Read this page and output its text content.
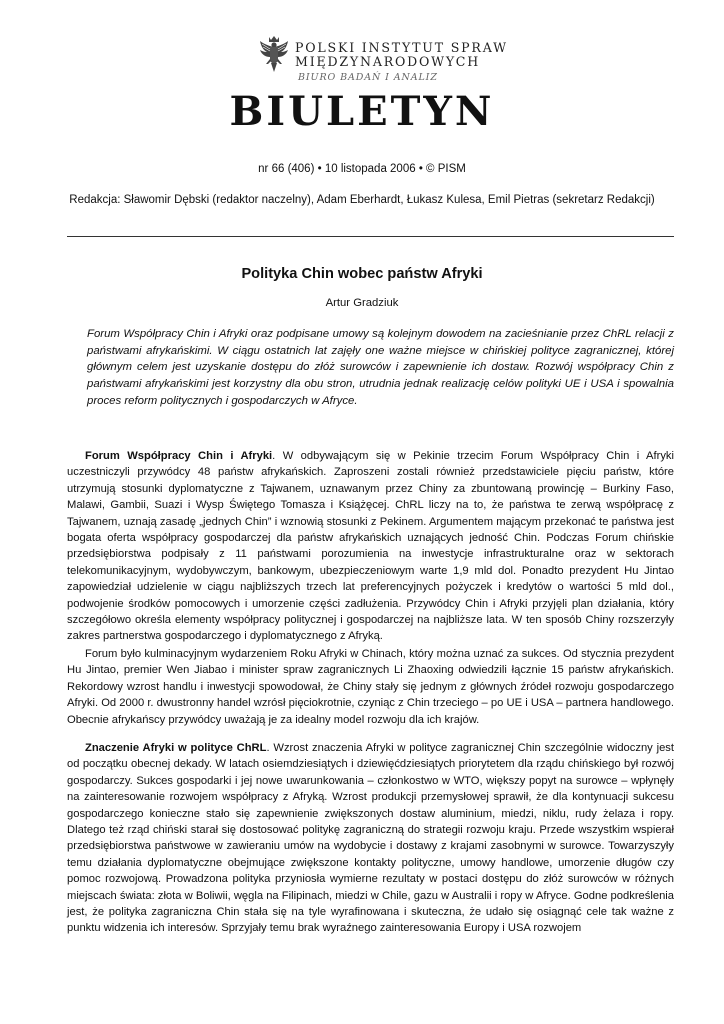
POLSKI INSTYTUT SPRAW
MIĘDZYNARODOWYCH
BIURO BADAŃ I ANALIZ
BIULETYN
nr 66 (406) • 10 listopada 2006 • © PISM
Redakcja: Sławomir Dębski (redaktor naczelny), Adam Eberhardt, Łukasz Kulesa, Emil Pietras (sekretarz Redakcji)
Polityka Chin wobec państw Afryki
Artur Gradziuk

Forum Współpracy Chin i Afryki oraz podpisane umowy są kolejnym dowodem na zacieśnianie przez ChRL relacji z państwami afrykańskimi. W ciągu ostatnich lat zajęły one ważne miejsce w chińskiej polityce zagranicznej, której głównym celem jest uzyskanie dostępu do złóż surowców i zapewnienie ich dostaw. Rozwój współpracy Chin z państwami afrykańskimi jest korzystny dla obu stron, utrudnia jednak realizację celów polityki UE i USA i spowalnia proces reform politycznych i gospodarczych w Afryce.

Forum Współpracy Chin i Afryki. W odbywającym się w Pekinie trzecim Forum Współpracy Chin i Afryki uczestniczyli przywódcy 48 państw afrykańskich. Zaproszeni zostali również przedstawiciele pięciu państw, które utrzymują stosunki dyplomatyczne z Tajwanem, uznawanym przez Chiny za zbuntowaną prowincję – Burkiny Faso, Malawi, Gambii, Suazi i Wysp Świętego Tomasza i Książęcej. ChRL liczy na to, że państwa te zerwą współpracę z Tajwanem, uznają zasadę „jednych Chin” i wznowią stosunki z Pekinem. Argumentem mającym przekonać te państwa jest bogata oferta współpracy gospodarczej dla państw afrykańskich uznających jedność Chin. Podczas Forum chińskie przedsiębiorstwa podpisały z 11 państwami porozumienia na inwestycje infrastrukturalne oraz w sektorach telekomunikacyjnym, wydobywczym, bankowym, ubezpieczeniowym warte 1,9 mld dol. Ponadto prezydent Hu Jintao zapowiedział udzielenie w ciągu najbliższych trzech lat preferencyjnych pożyczek i kredytów o wartości 5 mld dol., podwojenie środków pomocowych i umorzenie części zadłużenia. Przywódcy Chin i Afryki przyjęli plan działania, który szczegółowo określa elementy współpracy politycznej i gospodarczej na najbliższe lata. W ten sposób Chiny rozszerzyły zakres partnerstwa gospodarczego i dyplomatycznego z Afryką.

Forum było kulminacyjnym wydarzeniem Roku Afryki w Chinach, który można uznać za sukces. Od stycznia prezydent Hu Jintao, premier Wen Jiabao i minister spraw zagranicznych Li Zhaoxing odwiedzili łącznie 15 państw afrykańskich. Rekordowy wzrost handlu i inwestycji spowodował, że Chiny stały się jednym z głównych źródeł rozwoju gospodarczego Afryki. Od 2000 r. dwustronny handel wzrósł pięciokrotnie, czyniąc z Chin trzeciego – po UE i USA – partnera handlowego. Obecnie afrykańscy przywódcy uważają je za idealny model rozwoju dla ich krajów.

Znaczenie Afryki w polityce ChRL. Wzrost znaczenia Afryki w polityce zagranicznej Chin szczególnie widoczny jest od początku obecnej dekady. W latach osiemdziesiątych i dziewięćdziesiątych priorytetem dla rządu chińskiego był rozwój gospodarczy. Sukces gospodarki i jej nowe uwarunkowania – członkostwo w WTO, większy popyt na surowce – wpłynęły na zainteresowanie rozwojem współpracy z Afryką. Wzrost produkcji przemysłowej sprawił, że dla kontynuacji sukcesu gospodarczego konieczne stało się zapewnienie zwiększonych dostaw aluminium, miedzi, niklu, rudy żelaza i ropy. Dlatego też rząd chiński starał się dostosować politykę zagraniczną do strategii rozwoju kraju. Przede wszystkim wspierał przedsiębiorstwa państwowe w zawieraniu umów na wydobycie i dostawy z krajami zasobnymi w surowce. Towarzyszyły temu działania dyplomatyczne obejmujące zwiększone kontakty polityczne, umowy handlowe, umorzenie długów czy pomoc rozwojową. Prowadzona polityka przyniosła wymierne rezultaty w postaci dostępu do złóż surowców w różnych miejscach świata: złota w Boliwii, węgla na Filipinach, miedzi w Chile, gazu w Australii i ropy w Afryce. Godne podkreślenia jest, że polityka zagraniczna Chin stała się na tyle wyrafinowana i skuteczna, że udało się osiągnąć cele tak ważne z punktu widzenia ich interesów. Sprzyjały temu brak wyraźnego zainteresowania Europy i USA rozwojem
